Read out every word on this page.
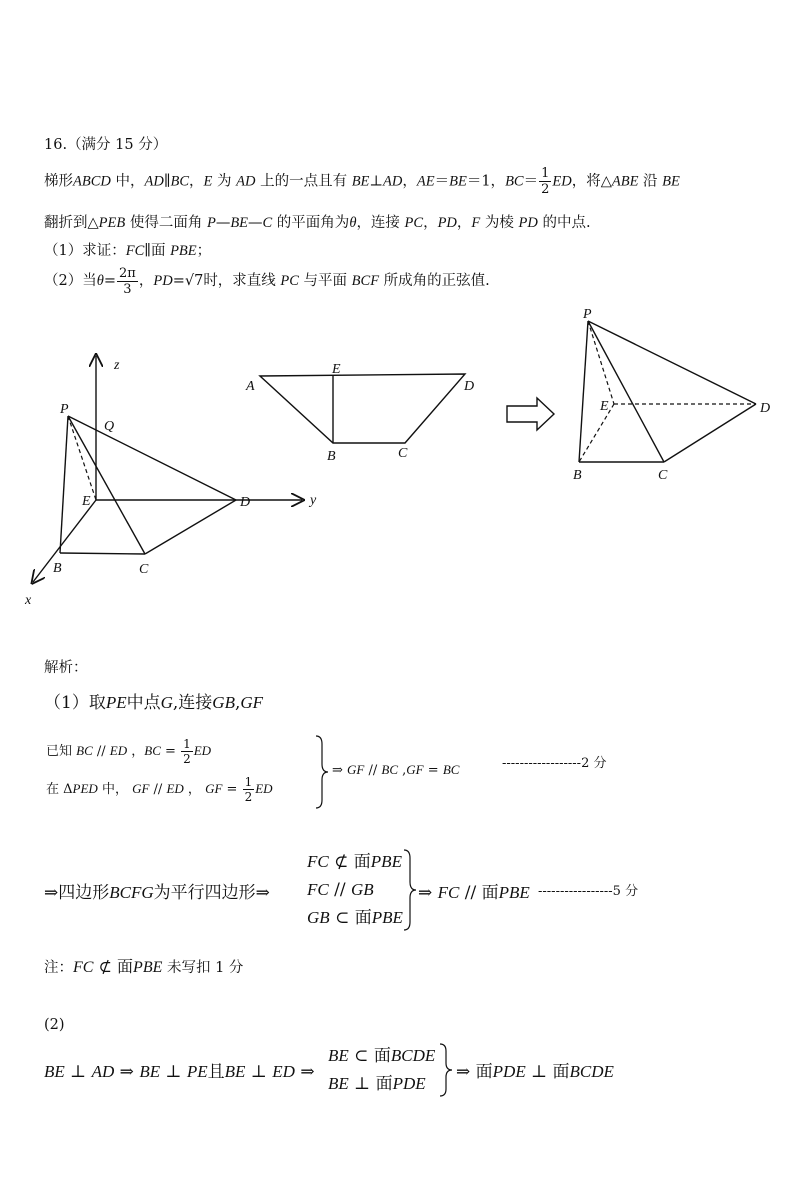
16.（满分 15 分）
梯形ABCD 中，AD∥BC，E 为 AD 上的一点且有 BE⊥AD，AE＝BE＝1，$BC= \frac{1}{2}$ ED，将△ABE 沿 BE
翻折到△PEB 使得二面角 P—BE—C 的平面角为θ，连接 PC，PD，F 为棱 PD 的中点.
（1）求证：FC∥面 PBE；
（2）当$\theta= \frac{2\pi}{3}$ ，PD=√7时，求直线 PC 与平面 BCF 所成角的正弦值.
z
y
x
P
Q
E	D
B	C
A
E
D
B	C
P
E	D
B	C
解析：
（1）取PE中点G,连接GB,GF
已知 BC // ED ，BC = $\frac{1}{2}$ ED
在 ΔPED 中， GF // ED ， GF = $\frac{1}{2}$ ED
⇒ GF // BC ,GF = BC	------------------2 分
⇒四边形BCFG为平行四边形⇒
FC ⊄ 面PBE
FC // GB
GB ⊂ 面PBE
⇒ FC // 面PBE -----------------5 分
注：FC ⊄ 面PBE 未写扣 1 分
(2)
BE ⊥ AD ⇒ BE ⊥ PE且BE ⊥ ED ⇒
BE ⊂ 面BCDE
BE ⊥ 面PDE
⇒ 面PDE ⊥ 面BCDE
